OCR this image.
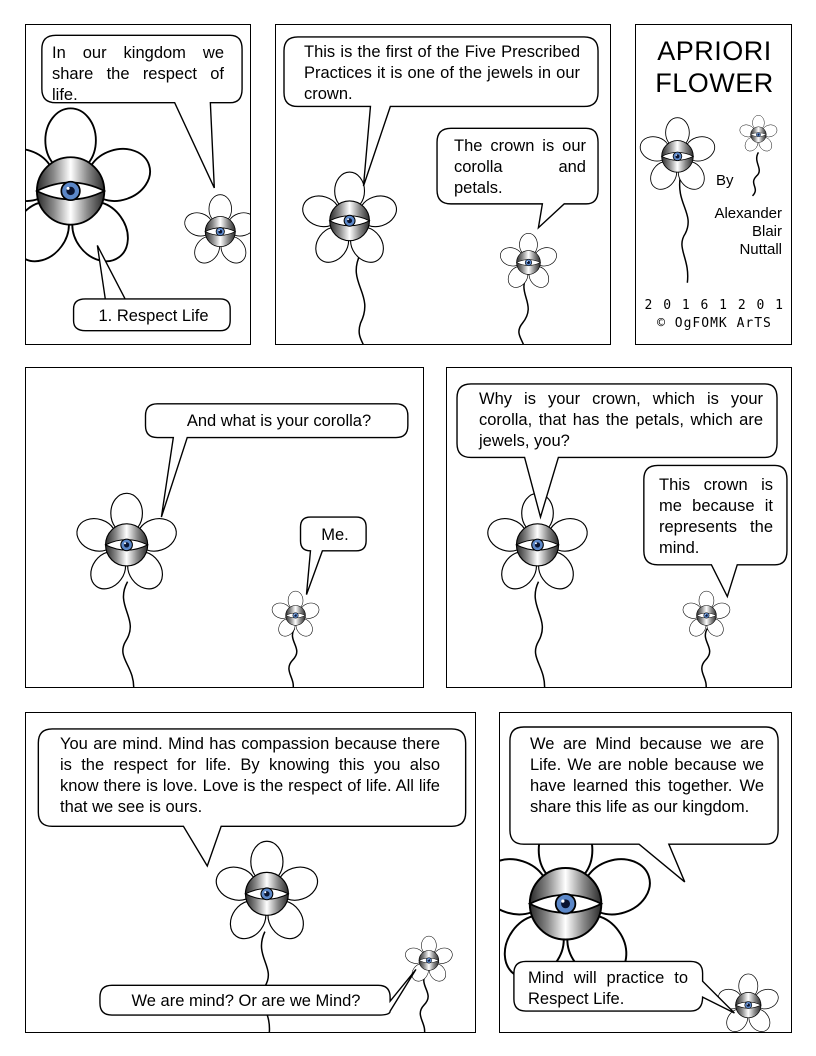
In our kingdom we share the respect of life.
1. Respect Life
This is the first of the Five Prescribed Practices it is one of the jewels in our crown.
The crown is our corolla and petals.
APRIORI
FLOWER
By
Alexander
Blair
Nuttall
2 0 1 6 1 2 0 1
© OgFOMK ArTS
And what is your corolla?
Me.
Why is your crown, which is your corolla, that has the petals, which are jewels, you?
This crown is me because it represents the mind.
You are mind. Mind has compassion because there is the respect for life. By knowing this you also know there is love. Love is the respect of life. All life that we see is ours.
We are mind? Or are we Mind?
We are Mind because we are Life. We are noble because we have learned this together. We share this life as our kingdom.
Mind will practice to Respect Life.
